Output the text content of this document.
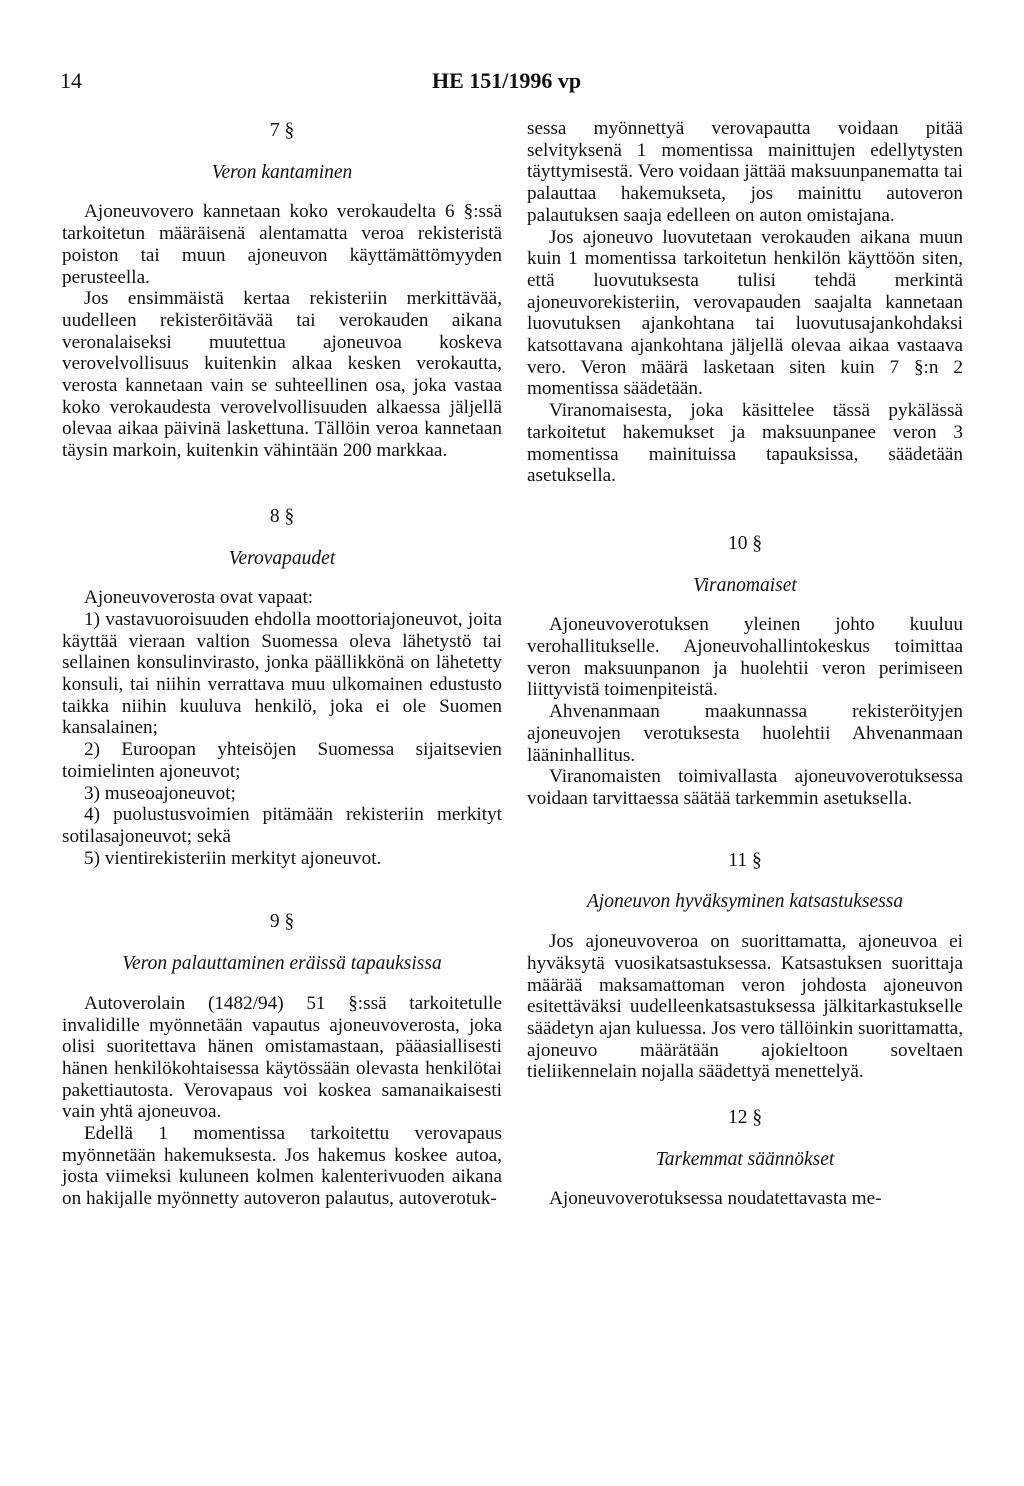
14	HE 151/1996 vp

7 §

Veron kantaminen

Ajoneuvovero kannetaan koko verokaudelta 6 §:ssä tarkoitetun määräisenä alentamatta veroa rekisteristä poiston tai muun ajoneuvon käyttämättömyyden perusteella.

Jos ensimmäistä kertaa rekisteriin merkittävää, uudelleen rekisteröitävää tai verokauden aikana veronalaiseksi muutettua ajoneuvoa koskeva verovelvollisuus kuitenkin alkaa kesken verokautta, verosta kannetaan vain se suhteellinen osa, joka vastaa koko verokaudesta verovelvollisuuden alkaessa jäljellä olevaa aikaa päivinä laskettuna. Tällöin veroa kannetaan täysin markoin, kuitenkin vähintään 200 markkaa.

8 §

Verovapaudet

Ajoneuvoverosta ovat vapaat:

1) vastavuoroisuuden ehdolla moottoriajoneuvot, joita käyttää vieraan valtion Suomessa oleva lähetystö tai sellainen konsulinvirasto, jonka päällikkönä on lähetetty konsuli, tai niihin verrattava muu ulkomainen edustusto taikka niihin kuuluva henkilö, joka ei ole Suomen kansalainen;

2) Euroopan yhteisöjen Suomessa sijaitsevien toimielinten ajoneuvot;

3) museoajoneuvot;

4) puolustusvoimien pitämään rekisteriin merkityt sotilasajoneuvot; sekä

5) vientirekisteriin merkityt ajoneuvot.

9 §

Veron palauttaminen eräissä tapauksissa

Autoverolain (1482/94) 51 §:ssä tarkoitetulle invalidille myönnetään vapautus ajoneuvoverosta, joka olisi suoritettava hänen omistamastaan, pääasiallisesti hänen henkilökohtaisessa käytössään olevasta henkilötai pakettiautosta. Verovapaus voi koskea samanaikaisesti vain yhtä ajoneuvoa.

Edellä 1 momentissa tarkoitettu verovapaus myönnetään hakemuksesta. Jos hakemus koskee autoa, josta viimeksi kuluneen kolmen kalenterivuoden aikana on hakijalle myönnetty autoveron palautus, autoverotuk-

sessa myönnettyä verovapautta voidaan pitää selvityksenä 1 momentissa mainittujen edellytysten täyttymisestä. Vero voidaan jättää maksuunpanematta tai palauttaa hakemukseta, jos mainittu autoveron palautuksen saaja edelleen on auton omistajana.

Jos ajoneuvo luovutetaan verokauden aikana muun kuin 1 momentissa tarkoitetun henkilön käyttöön siten, että luovutuksesta tulisi tehdä merkintä ajoneuvorekisteriin, verovapauden saajalta kannetaan luovutuksen ajankohtana tai luovutusajankohdaksi katsottavana ajankohtana jäljellä olevaa aikaa vastaava vero. Veron määrä lasketaan siten kuin 7 §:n 2 momentissa säädetään.

Viranomaisesta, joka käsittelee tässä pykälässä tarkoitetut hakemukset ja maksuunpanee veron 3 momentissa mainituissa tapauksissa, säädetään asetuksella.

10 §

Viranomaiset

Ajoneuvoverotuksen yleinen johto kuuluu verohallitukselle. Ajoneuvohallintokeskus toimittaa veron maksuunpanon ja huolehtii veron perimiseen liittyvistä toimenpiteistä.

Ahvenanmaan maakunnassa rekisteröityjen ajoneuvojen verotuksesta huolehtii Ahvenanmaan lääninhallitus.

Viranomaisten toimivallasta ajoneuvoverotuksessa voidaan tarvittaessa säätää tarkemmin asetuksella.

11 §

Ajoneuvon hyväksyminen katsastuksessa

Jos ajoneuvoveroa on suorittamatta, ajoneuvoa ei hyväksytä vuosikatsastuksessa. Katsastuksen suorittaja määrää maksamattoman veron johdosta ajoneuvon esitettäväksi uudelleenkatsastuksessa jälkitarkastukselle säädetyn ajan kuluessa. Jos vero tällöinkin suorittamatta, ajoneuvo määrätään ajokieltoon soveltaen tieliikennelain nojalla säädettyä menettelyä.

12 §

Tarkemmat säännökset

Ajoneuvoverotuksessa noudatettavasta me-
